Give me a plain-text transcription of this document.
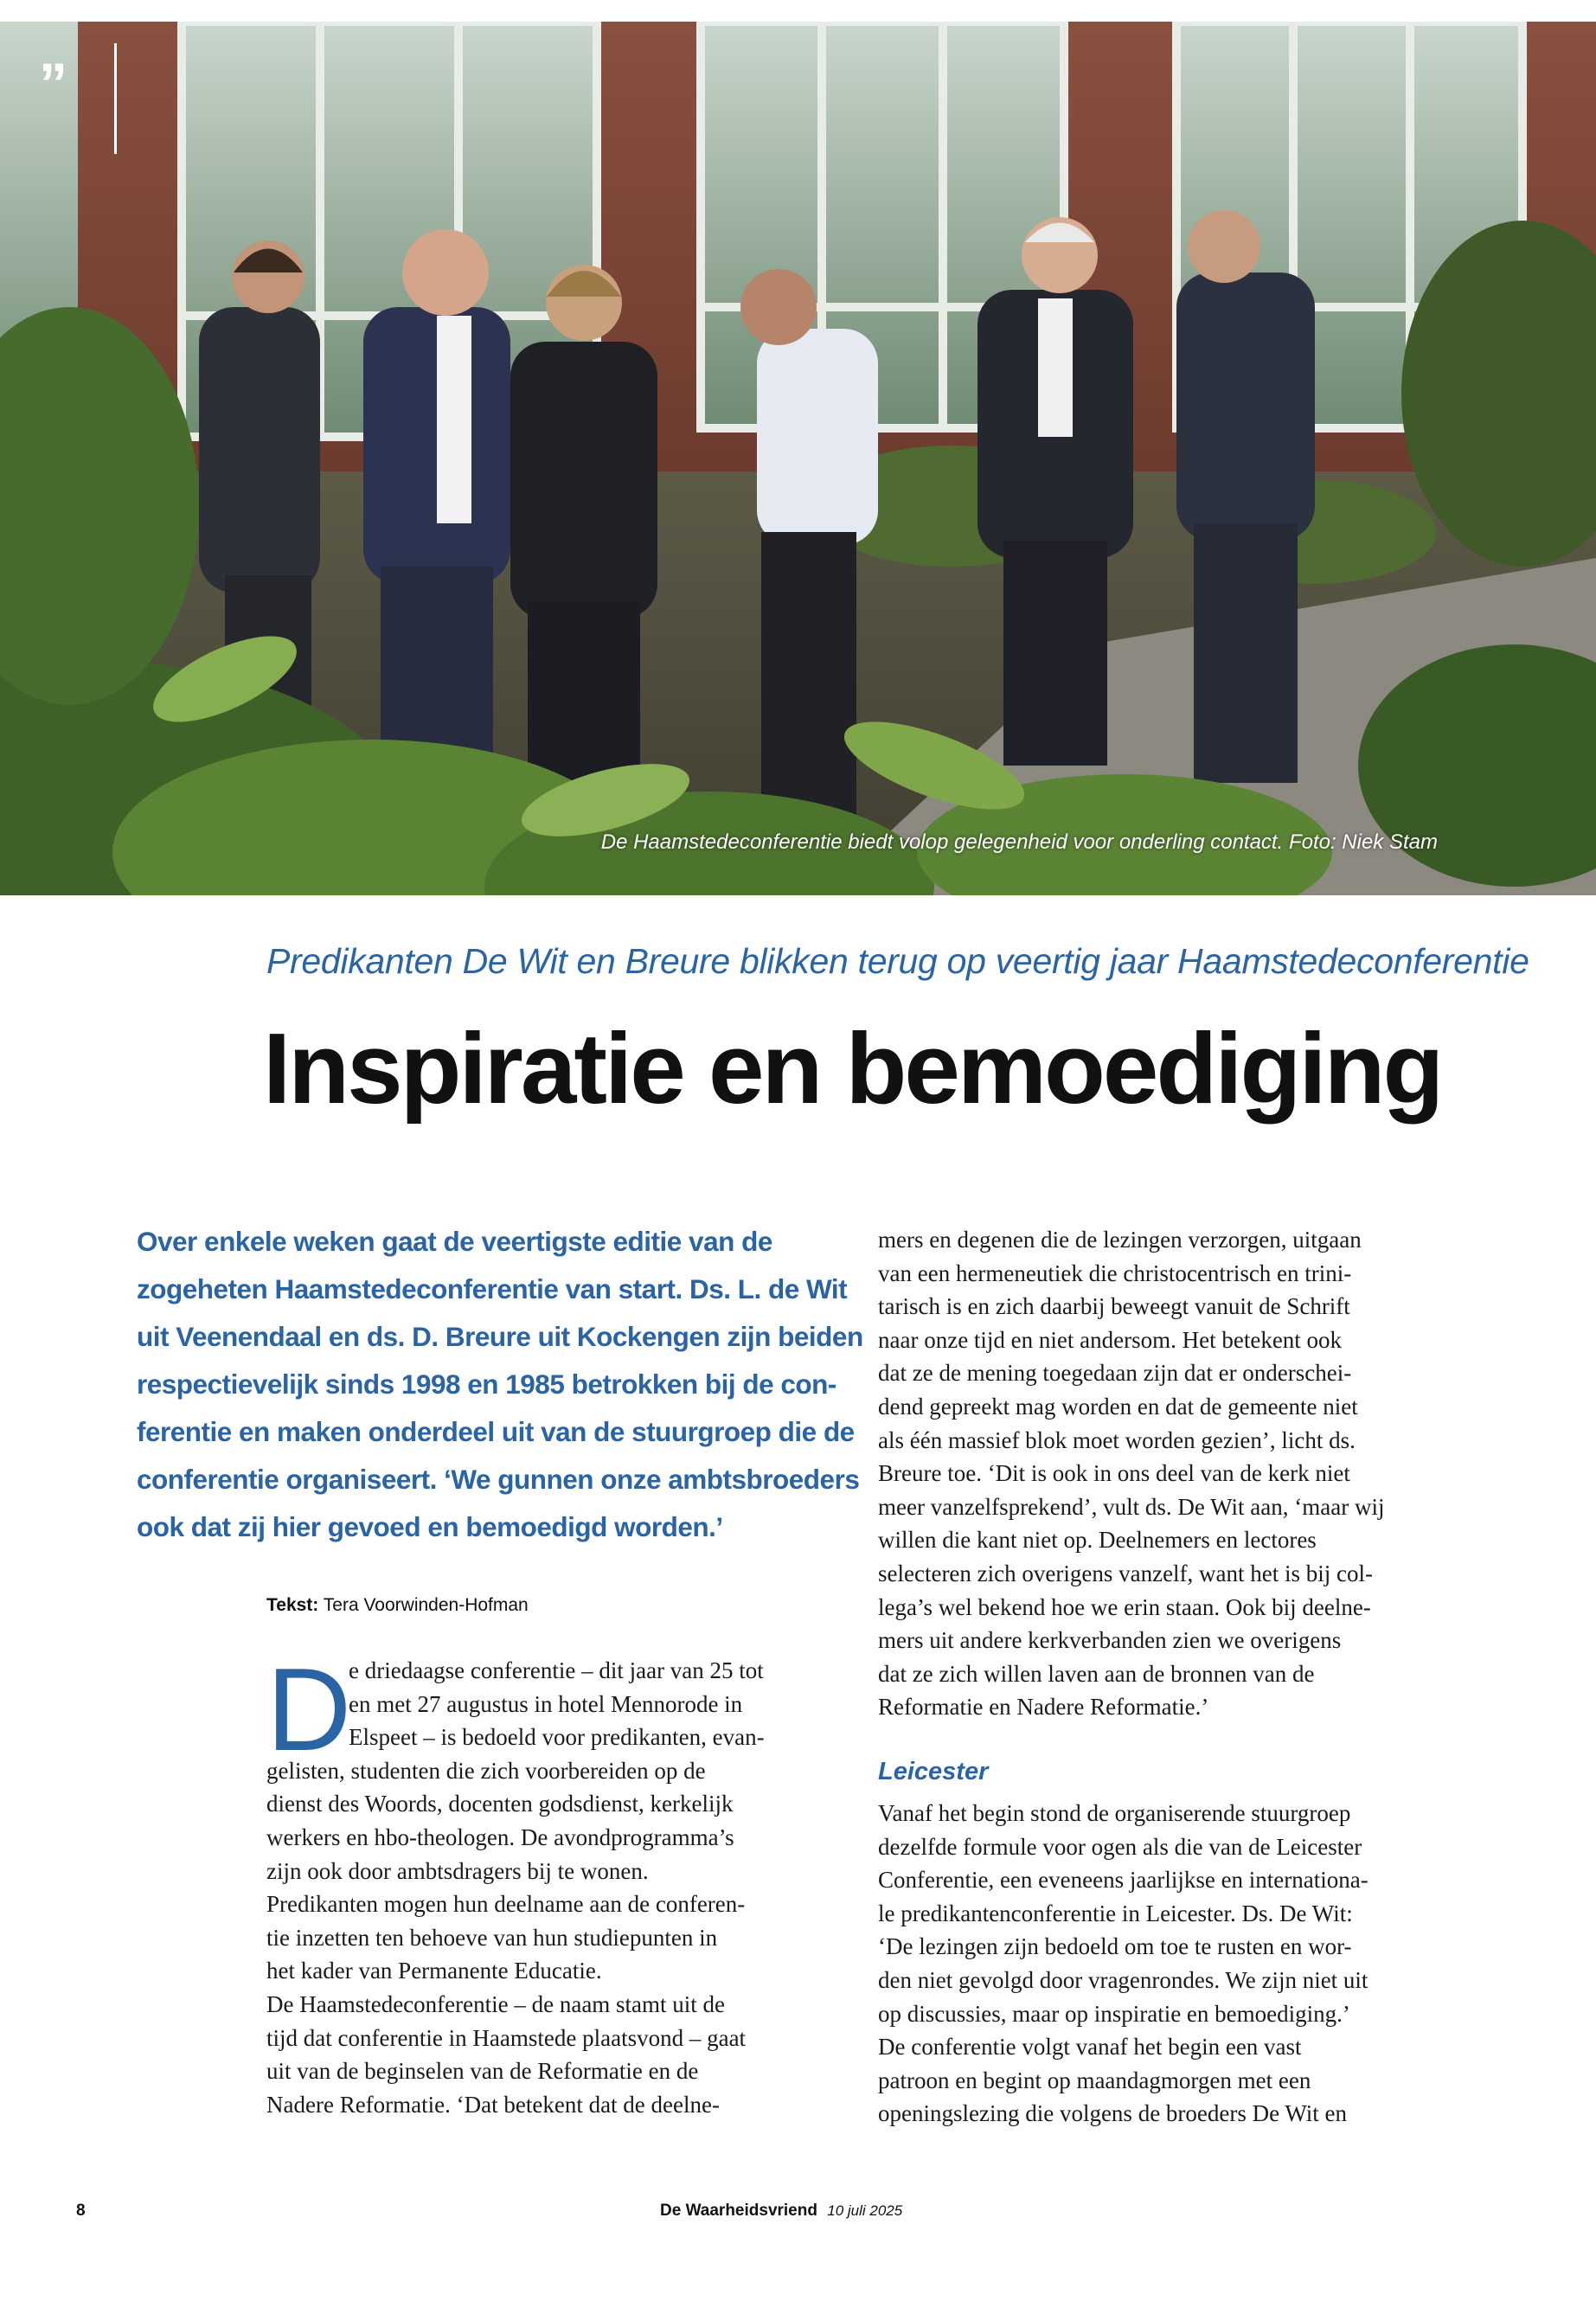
”
De Haamstedeconferentie biedt volop gelegenheid voor onderling contact. Foto: Niek Stam
Predikanten De Wit en Breure blikken terug op veertig jaar Haamstedeconferentie
Inspiratie en bemoediging
Over enkele weken gaat de veertigste editie van de
zogeheten Haamstedeconferentie van start. Ds. L. de Wit
uit Veenendaal en ds. D. Breure uit Kockengen zijn beiden
respectievelijk sinds 1998 en 1985 betrokken bij de con-
ferentie en maken onderdeel uit van de stuurgroep die de
conferentie organiseert. ‘We gunnen onze ambtsbroeders
ook dat zij hier gevoed en bemoedigd worden.’
Tekst: Tera Voorwinden-Hofman
D
e driedaagse conferentie – dit jaar van 25 tot
en met 27 augustus in hotel Mennorode in
Elspeet – is bedoeld voor predikanten, evan-
gelisten, studenten die zich voorbereiden op de
dienst des Woords, docenten godsdienst, kerkelijk
werkers en hbo-theologen. De avondprogramma’s
zijn ook door ambtsdragers bij te wonen.
Predikanten mogen hun deelname aan de conferen-
tie inzetten ten behoeve van hun studiepunten in
het kader van Permanente Educatie.
De Haamstedeconferentie – de naam stamt uit de
tijd dat conferentie in Haamstede plaatsvond – gaat
uit van de beginselen van de Reformatie en de
Nadere Reformatie. ‘Dat betekent dat de deelne-
mers en degenen die de lezingen verzorgen, uitgaan
van een hermeneutiek die christocentrisch en trini-
tarisch is en zich daarbij beweegt vanuit de Schrift
naar onze tijd en niet andersom. Het betekent ook
dat ze de mening toegedaan zijn dat er onderschei-
dend gepreekt mag worden en dat de gemeente niet
als één massief blok moet worden gezien’, licht ds.
Breure toe. ‘Dit is ook in ons deel van de kerk niet
meer vanzelfsprekend’, vult ds. De Wit aan, ‘maar wij
willen die kant niet op. Deelnemers en lectores
selecteren zich overigens vanzelf, want het is bij col-
lega’s wel bekend hoe we erin staan. Ook bij deelne-
mers uit andere kerkverbanden zien we overigens
dat ze zich willen laven aan de bronnen van de
Reformatie en Nadere Reformatie.’
Leicester
Vanaf het begin stond de organiserende stuurgroep
dezelfde formule voor ogen als die van de Leicester
Conferentie, een eveneens jaarlijkse en internationa-
le predikantenconferentie in Leicester. Ds. De Wit:
‘De lezingen zijn bedoeld om toe te rusten en wor-
den niet gevolgd door vragenrondes. We zijn niet uit
op discussies, maar op inspiratie en bemoediging.’
De conferentie volgt vanaf het begin een vast
patroon en begint op maandagmorgen met een
openingslezing die volgens de broeders De Wit en
8	De Waarheidsvriend 10 juli 2025
